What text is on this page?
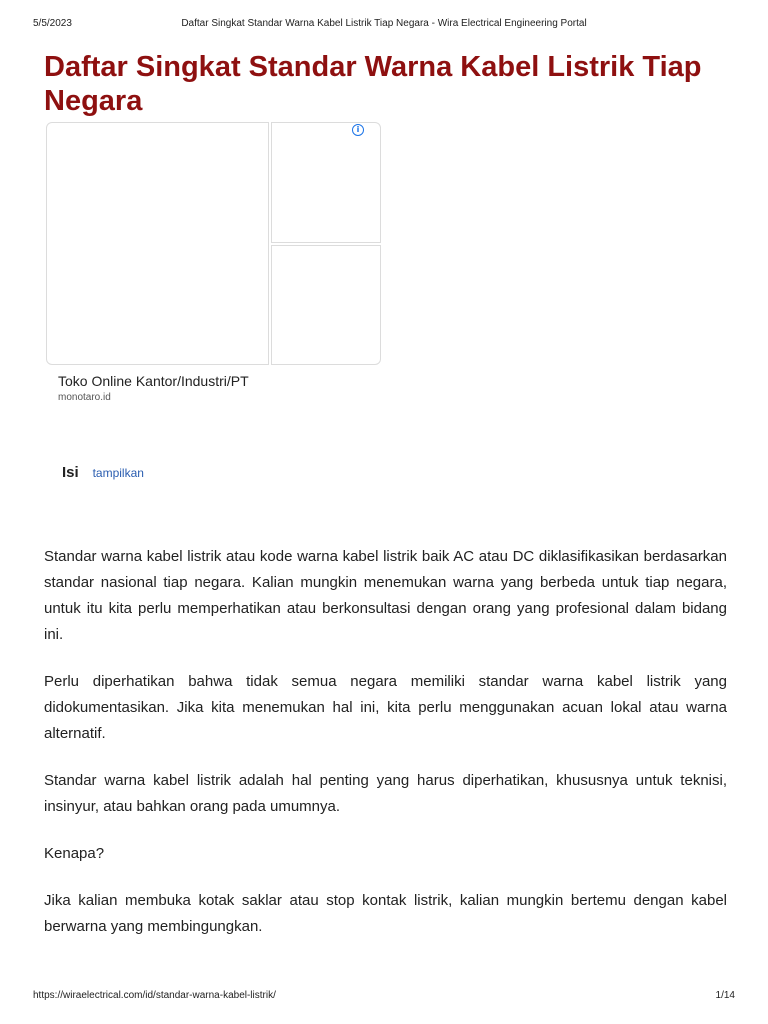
5/5/2023	Daftar Singkat Standar Warna Kabel Listrik Tiap Negara - Wira Electrical Engineering Portal
Daftar Singkat Standar Warna Kabel Listrik Tiap Negara
i
Toko Online Kantor/Industri/PT
monotaro.id
Isi tampilkan

Standar warna kabel listrik atau kode warna kabel listrik baik AC atau DC diklasifikasikan berdasarkan standar nasional tiap negara. Kalian mungkin menemukan warna yang berbeda untuk tiap negara, untuk itu kita perlu memperhatikan atau berkonsultasi dengan orang yang profesional dalam bidang ini.

Perlu diperhatikan bahwa tidak semua negara memiliki standar warna kabel listrik yang didokumentasikan. Jika kita menemukan hal ini, kita perlu menggunakan acuan lokal atau warna alternatif.

Standar warna kabel listrik adalah hal penting yang harus diperhatikan, khususnya untuk teknisi, insinyur, atau bahkan orang pada umumnya.

Kenapa?

Jika kalian membuka kotak saklar atau stop kontak listrik, kalian mungkin bertemu dengan kabel berwarna yang membingungkan.

https://wiraelectrical.com/id/standar-warna-kabel-listrik/	1/14
